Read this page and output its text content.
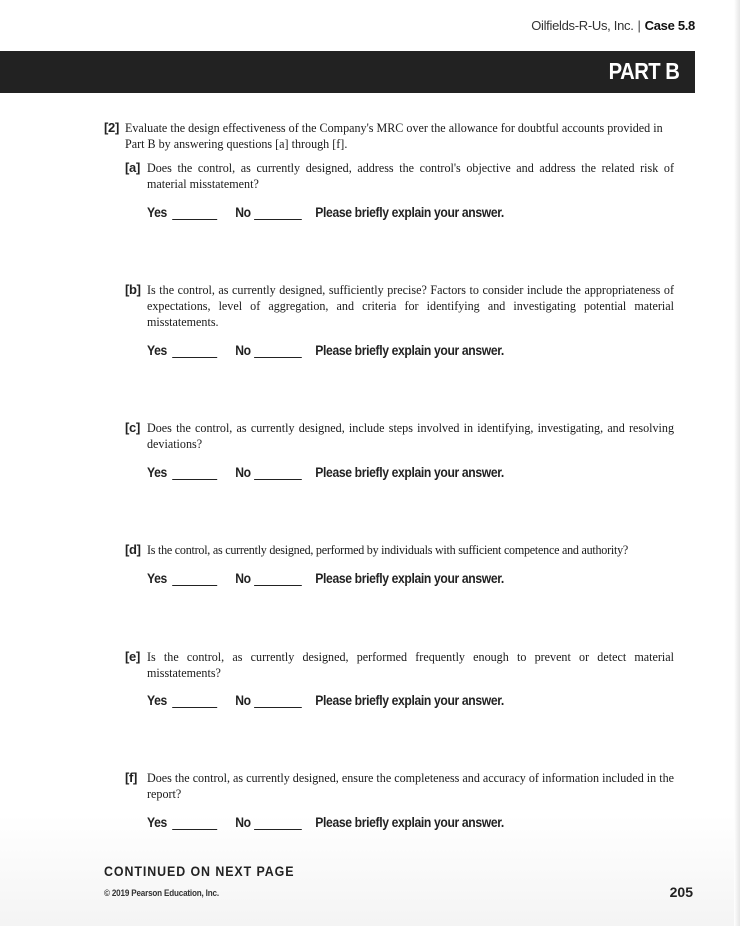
Oilfields-R-Us, Inc. | Case 5.8
PART B
[2] Evaluate the design effectiveness of the Company's MRC over the allowance for doubtful accounts provided in Part B by answering questions [a] through [f].
[a] Does the control, as currently designed, address the control's objective and address the related risk of material misstatement?
Yes	No	Please briefly explain your answer.
[b] Is the control, as currently designed, sufficiently precise? Factors to consider include the appropriateness of expectations, level of aggregation, and criteria for identifying and investigating potential material misstatements.
Yes	No	Please briefly explain your answer.
[c] Does the control, as currently designed, include steps involved in identifying, investigating, and resolving deviations?
Yes	No	Please briefly explain your answer.
[d] Is the control, as currently designed, performed by individuals with sufficient competence and authority?
Yes	No	Please briefly explain your answer.
[e] Is the control, as currently designed, performed frequently enough to prevent or detect material misstatements?
Yes	No	Please briefly explain your answer.
[f] Does the control, as currently designed, ensure the completeness and accuracy of information included in the report?
Yes	No	Please briefly explain your answer.
CONTINUED ON NEXT PAGE
© 2019 Pearson Education, Inc.	205
